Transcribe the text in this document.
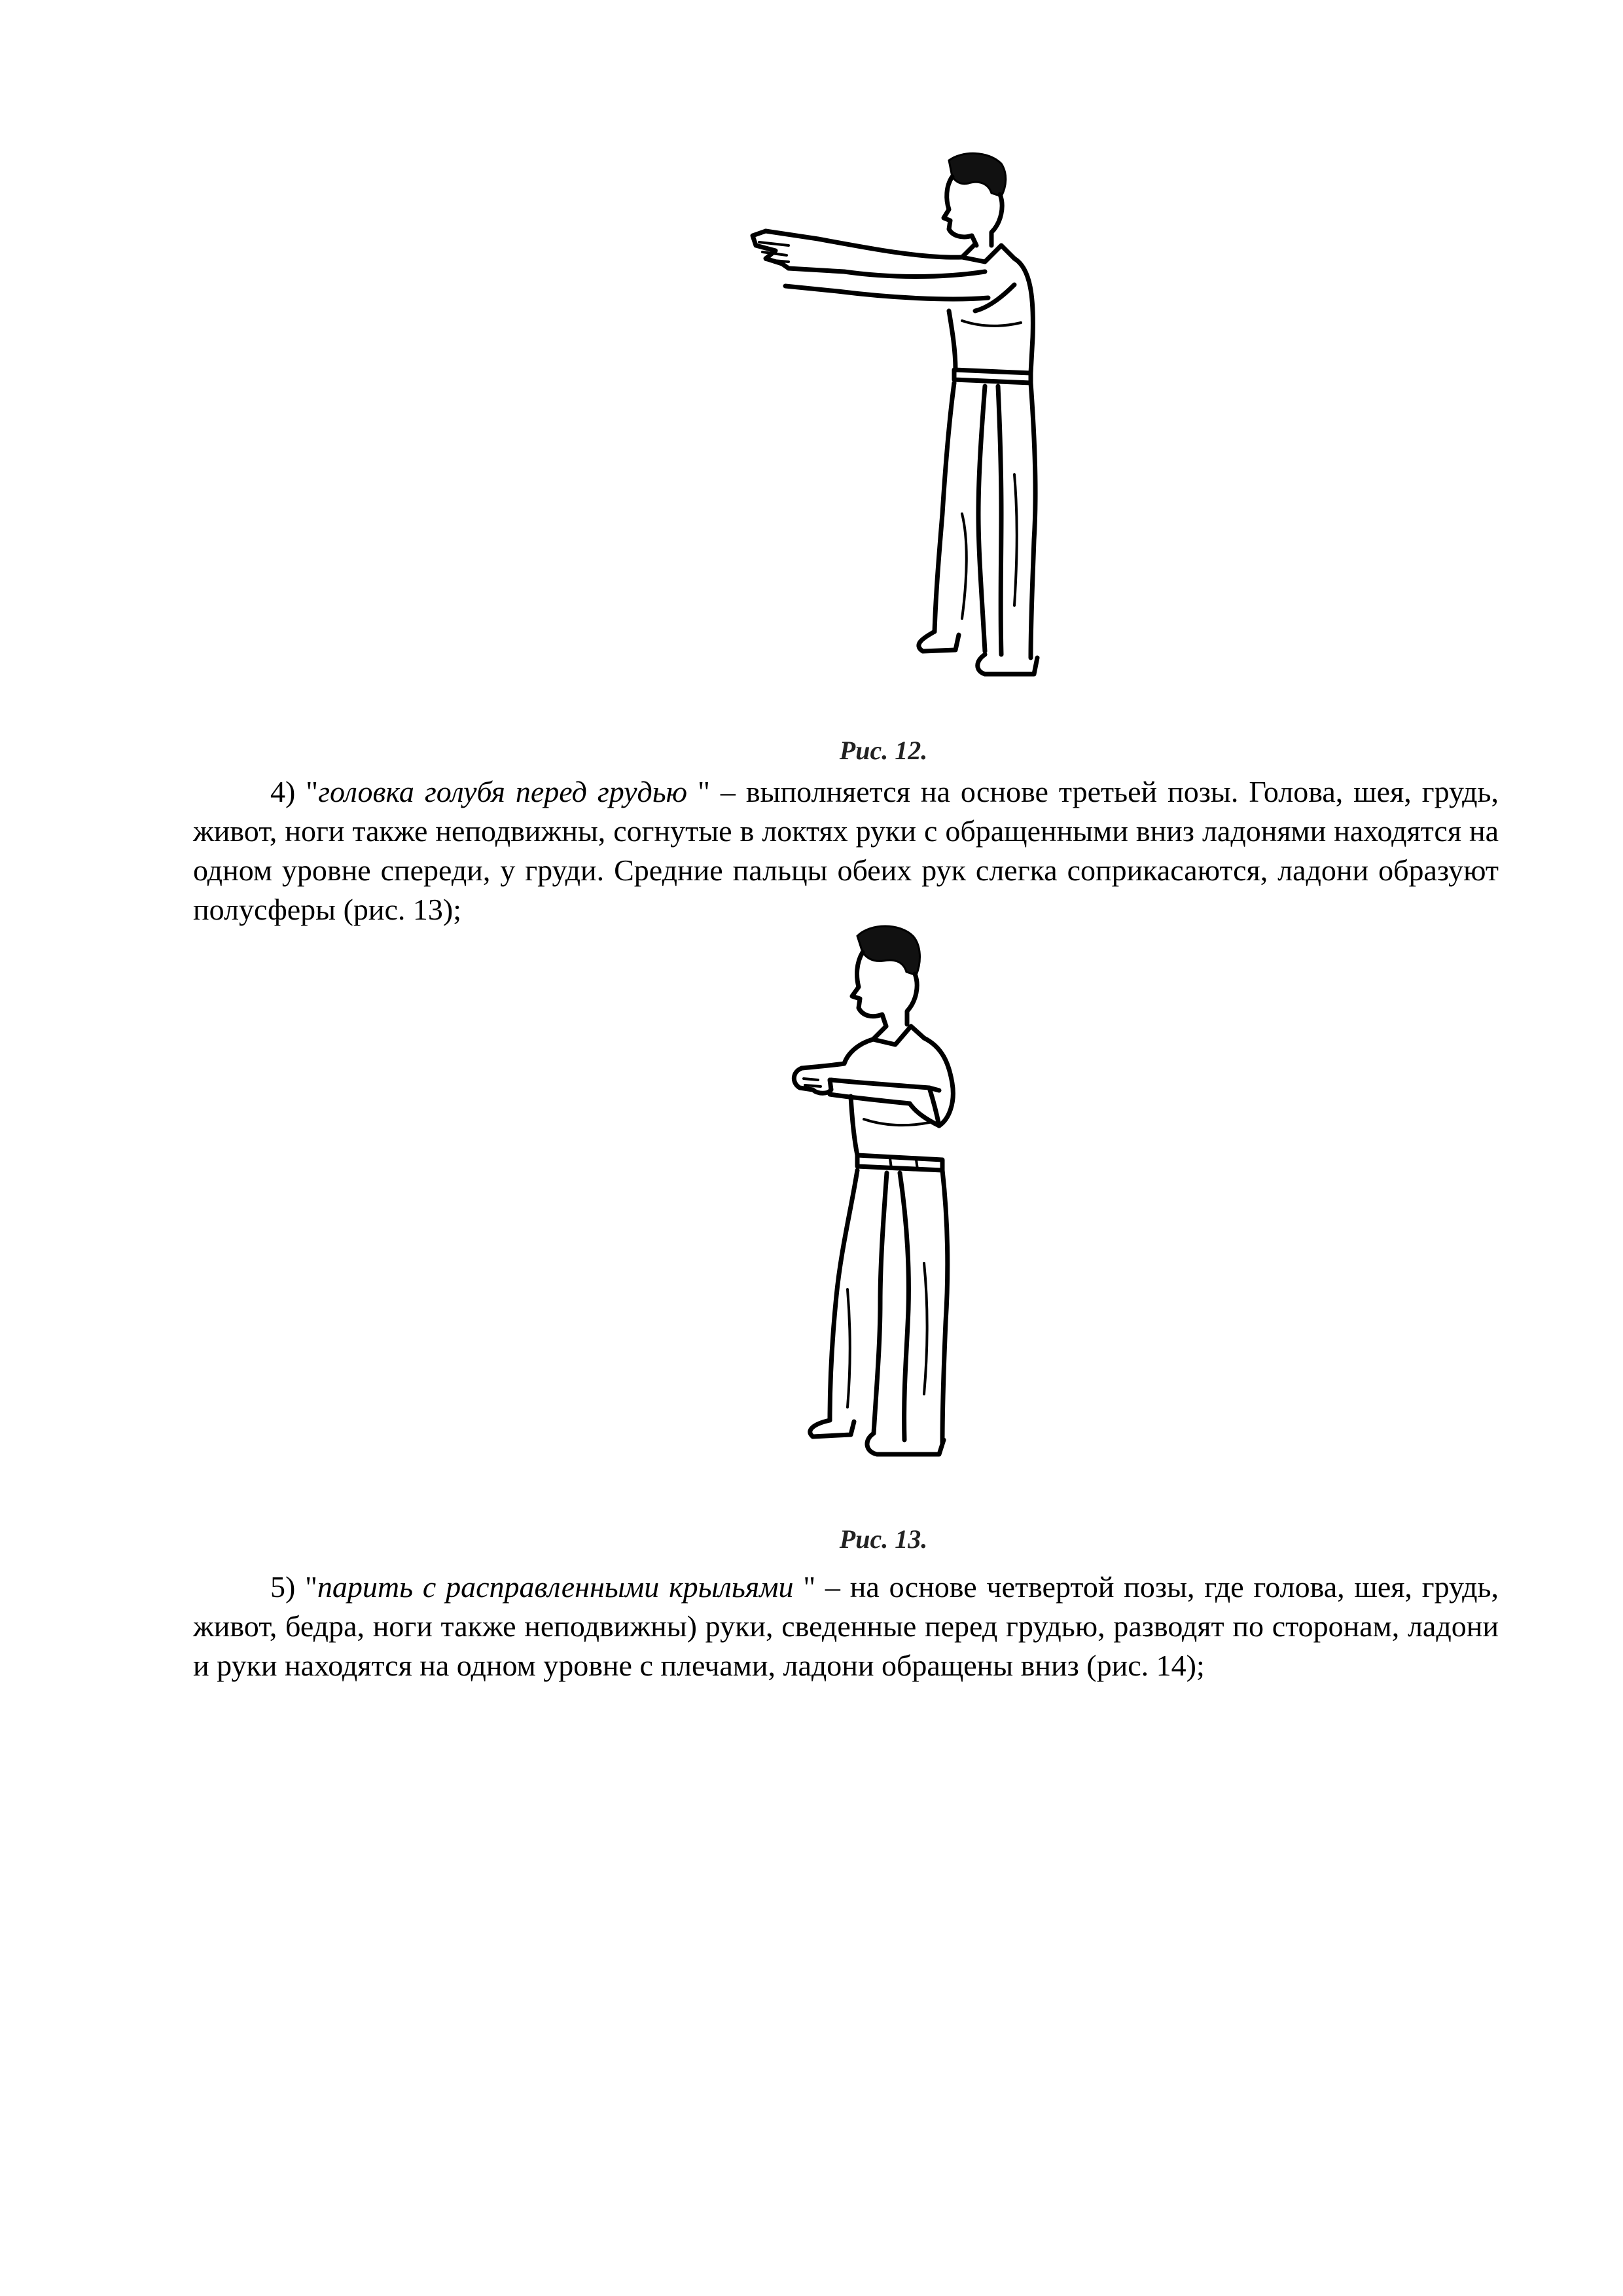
Рис. 12.

4) "головка голубя перед грудью " – выполняется на основе третьей позы. Голова, шея, грудь, живот, ноги также неподвижны, согнутые в локтях руки с обращенными вниз ладонями находятся на одном уровне спереди, у груди. Средние пальцы обеих рук слегка соприкасаются, ладони образуют полусферы (рис. 13);

Рис. 13.

5) "парить с расправленными крыльями " – на основе четвертой позы, где голова, шея, грудь, живот, бедра, ноги также неподвижны) руки, сведенные перед грудью, разводят по сторонам, ладони и руки находятся на одном уровне с плечами, ладони обращены вниз (рис. 14);
